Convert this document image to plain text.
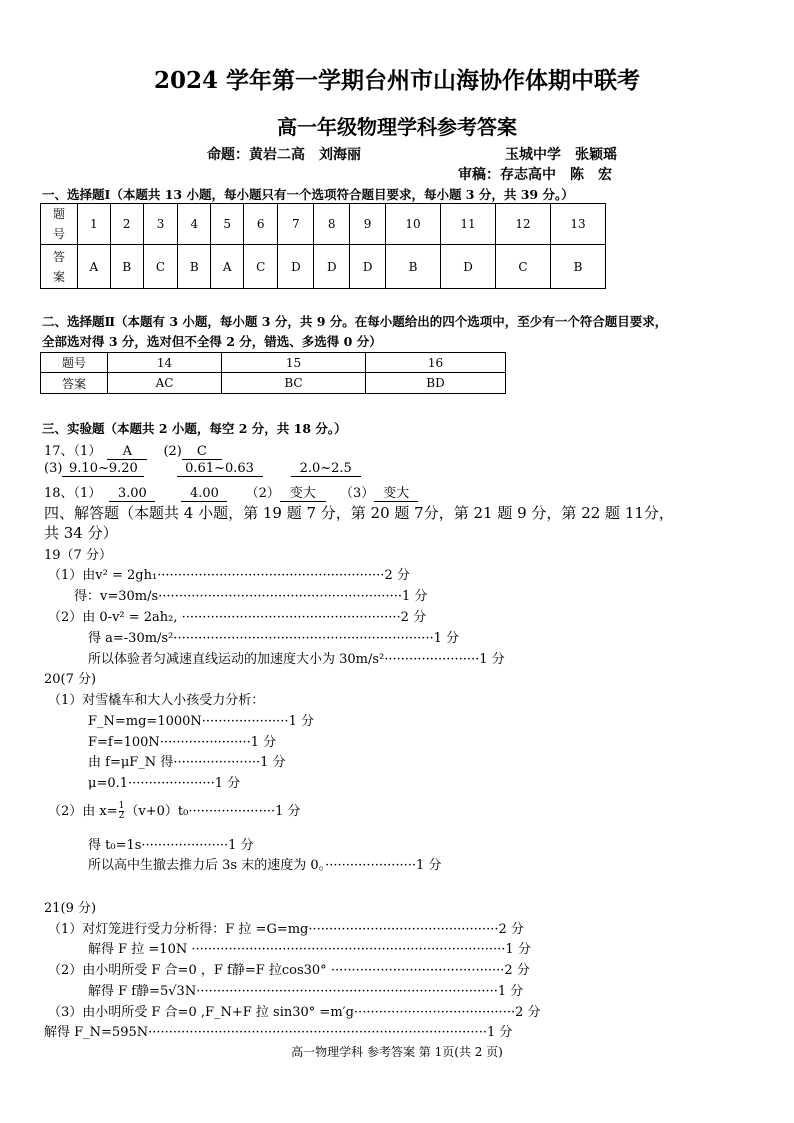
2024 学年第一学期台州市山海协作体期中联考
高一年级物理学科参考答案
命题：黄岩二高　刘海丽	玉城中学　张颖瑶
审稿：存志高中　陈　宏
一、选择题Ⅰ（本题共 13 小题，每小题只有一个选项符合题目要求，每小题 3 分，共 39 分。）
题
号	1	2	3	4	5	6	7	8	9	10	11	12	13
答
案	A	B	C	B	A	C	D	D	D	B	D	C	B
二、选择题Ⅱ（本题有 3 小题，每小题 3 分，共 9 分。在每小题给出的四个选项中，至少有一个符合题目要求，
全部选对得 3 分，选对但不全得 2 分，错选、多选得 0 分）
题号	14	15	16
答案	AC	BC	BD
三、实验题（本题共 2 小题，每空 2 分，共 18 分。）
17、（1） A (2) C
(3) 9.10~9.20	0.61~0.63	2.0~2.5
18、（1） 3.00	4.00 （2） 变大 （3） 变大
四、解答题（本题共 4 小题，第 19 题 7 分，第 20 题 7分，第 21 题 9 分，第 22 题 11分，
共 34 分）
19（7 分）
（1）由v² = 2gh₁·······················································2 分
得：v=30m/s···························································1 分
（2）由 0-v² = 2ah₂, ·····················································2 分
得 a=-30m/s²·······························································1 分
所以体验者匀减速直线运动的加速度大小为 30m/s²·······················1 分
20(7 分)
（1）对雪橇车和大人小孩受力分析：
F_N=mg=1000N·····················1 分
F=f=100N······················1 分
由 f=μF_N 得·····················1 分
μ=0.1·····················1 分
（2）由 $x= \frac{1}{2} (v+0)t_0\cdot\cdot\cdot\cdot\cdot\cdot\cdot\cdot\cdot\cdot\cdot\cdot\cdot\cdot\cdot\cdot\cdot\cdot\cdot\cdot\cdot 1$ 分
得 t₀=1s·····················1 分
所以高中生撤去推力后 3s 末的速度为 0。······················1 分
21(9 分)
（1）对灯笼进行受力分析得：F 拉 =G=mg··············································2 分
解得 F 拉 =10N ············································································1 分
（2）由小明所受 F 合=0 ，F f静=F 拉cos30° ··········································2 分
解得 F f静=5√3N·········································································1 分
（3）由小明所受 F 合=0 ,F_N+F 拉 sin30° =m′g·······································2 分
解得 F_N=595N··················································································1 分
高一物理学科 参考答案 第 1页(共 2 页)
